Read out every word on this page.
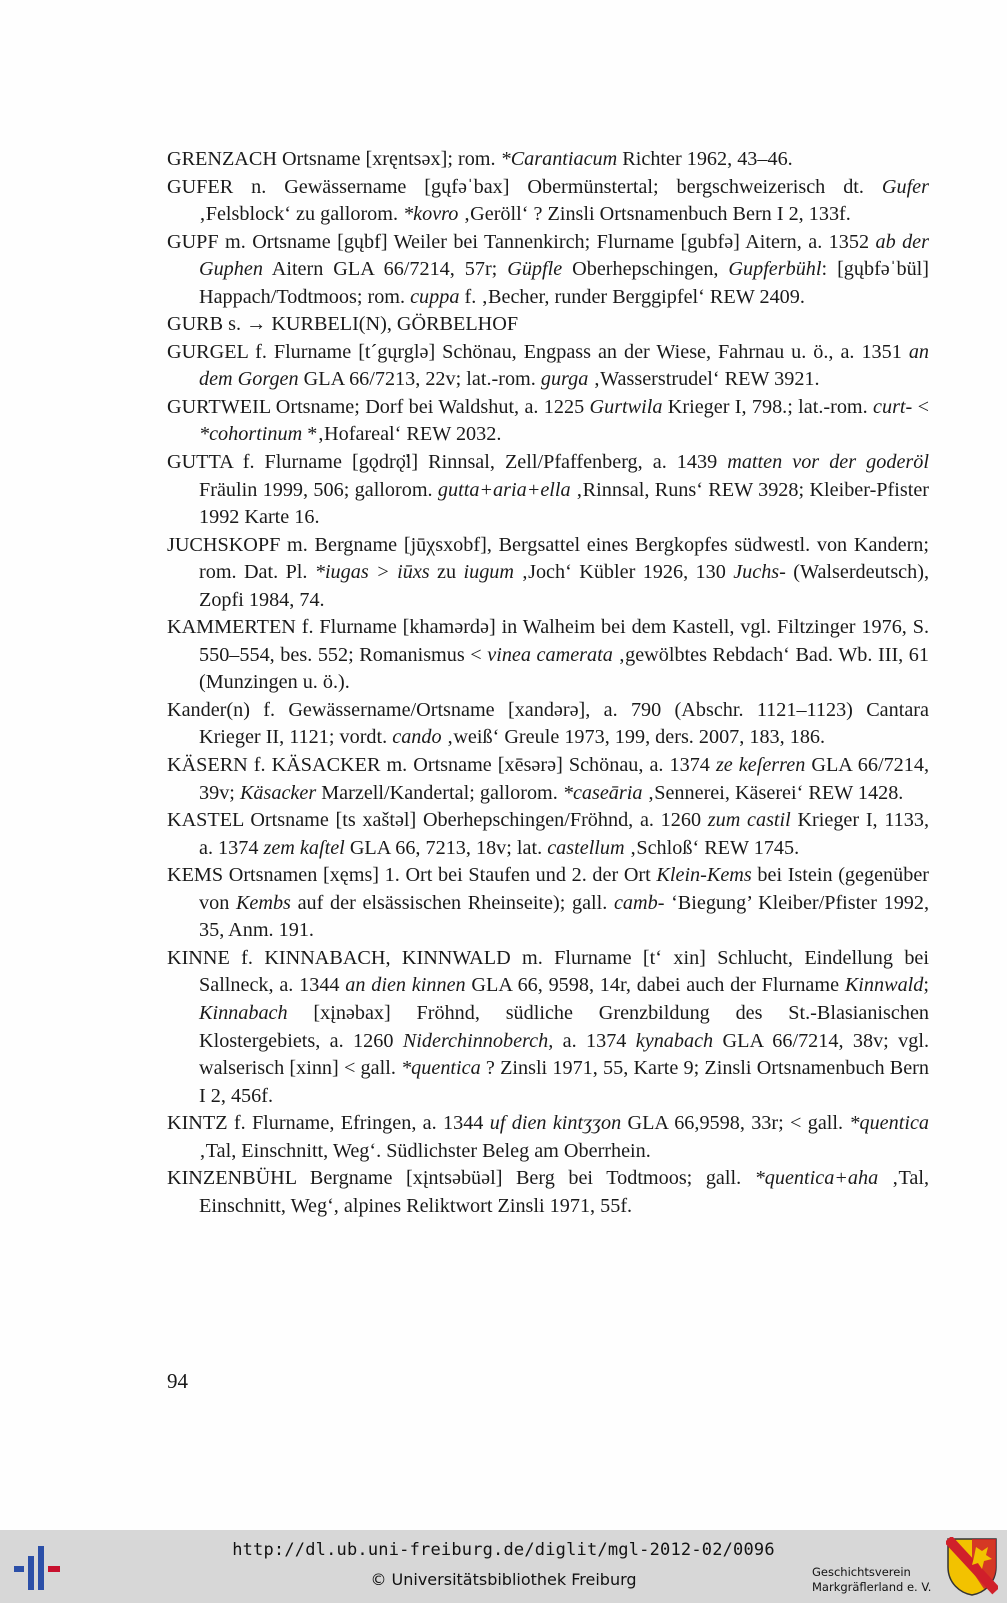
GRENZACH Ortsname [xręntsəx]; rom. *Carantiacum Richter 1962, 43–46.

GUFER n. Gewässername [gųfəˈbax] Obermünstertal; bergschweizerisch dt. Gufer ‚Felsblock‘ zu gallorom. *kovro ‚Geröll‘ ? Zinsli Ortsnamenbuch Bern I 2, 133f.

GUPF m. Ortsname [gųbf] Weiler bei Tannenkirch; Flurname [gubfə] Aitern, a. 1352 ab der Guphen Aitern GLA 66/7214, 57r; Güpfle Oberhepschingen, Gupferbühl: [gųbfəˈbül] Happach/Todtmoos; rom. cuppa f. ‚Becher, runder Berggipfel‘ REW 2409.

GURB s. → KURBELI(N), GÖRBELHOF

GURGEL f. Flurname [t´gųrglə] Schönau, Engpass an der Wiese, Fahrnau u. ö., a. 1351 an dem Gorgen GLA 66/7213, 22v; lat.-rom. gurga ‚Wasserstrudel‘ REW 3921.

GURTWEIL Ortsname; Dorf bei Waldshut, a. 1225 Gurtwila Krieger I, 798.; lat.-rom. curt- < *cohortinum *‚Hofareal‘ REW 2032.

GUTTA f. Flurname [gǫdrǫ̈l] Rinnsal, Zell/Pfaffenberg, a. 1439 matten vor der goderöl Fräulin 1999, 506; gallorom. gutta+aria+ella ‚Rinnsal, Runs‘ REW 3928; Kleiber-Pfister 1992 Karte 16.

JUCHSKOPF m. Bergname [jūχsxobf], Bergsattel eines Bergkopfes südwestl. von Kandern; rom. Dat. Pl. *iugas > iūxs zu iugum ‚Joch‘ Kübler 1926, 130 Juchs- (Walserdeutsch), Zopfi 1984, 74.

KAMMERTEN f. Flurname [khamərdə] in Walheim bei dem Kastell, vgl. Filtzinger 1976, S. 550–554, bes. 552; Romanismus < vinea camerata ‚gewölbtes Rebdach‘ Bad. Wb. III, 61 (Munzingen u. ö.).

Kander(n) f. Gewässername/Ortsname [xandərə], a. 790 (Abschr. 1121–1123) Cantara Krieger II, 1121; vordt. cando ‚weiß‘ Greule 1973, 199, ders. 2007, 183, 186.

KÄSERN f. KÄSACKER m. Ortsname [xēsərə] Schönau, a. 1374 ze keſerren GLA 66/7214, 39v; Käsacker Marzell/Kandertal; gallorom. *caseāria ‚Sennerei, Käserei‘ REW 1428.

KASTEL Ortsname [ts xaštəl] Oberhepschingen/Fröhnd, a. 1260 zum castil Krieger I, 1133, a. 1374 zem kaſtel GLA 66, 7213, 18v; lat. castellum ‚Schloß‘ REW 1745.

KEMS Ortsnamen [xęms] 1. Ort bei Staufen und 2. der Ort Klein-Kems bei Istein (gegenüber von Kembs auf der elsässischen Rheinseite); gall. camb- ‘Biegung’ Kleiber/Pfister 1992, 35, Anm. 191.

KINNE f. KINNABACH, KINNWALD m. Flurname [t‘ xin] Schlucht, Eindellung bei Sallneck, a. 1344 an dien kinnen GLA 66, 9598, 14r, dabei auch der Flurname Kinnwald; Kinnabach [xįnəbax] Fröhnd, südliche Grenzbildung des St.-Blasianischen Klostergebiets, a. 1260 Niderchinnoberch, a. 1374 kynabach GLA 66/7214, 38v; vgl. walserisch [xinn] < gall. *quentica ? Zinsli 1971, 55, Karte 9; Zinsli Ortsnamenbuch Bern I 2, 456f.

KINTZ f. Flurname, Efringen, a. 1344 uf dien kintʒʒon GLA 66,9598, 33r; < gall. *quentica ‚Tal, Einschnitt, Weg‘. Südlichster Beleg am Oberrhein.

KINZENBÜHL Bergname [xįntsəbüəl] Berg bei Todtmoos; gall. *quentica+aha ‚Tal, Einschnitt, Weg‘, alpines Reliktwort Zinsli 1971, 55f.

94
http://dl.ub.uni-freiburg.de/diglit/mgl-2012-02/0096
© Universitätsbibliothek Freiburg	Geschichtsverein
Markgräflerland e. V.
